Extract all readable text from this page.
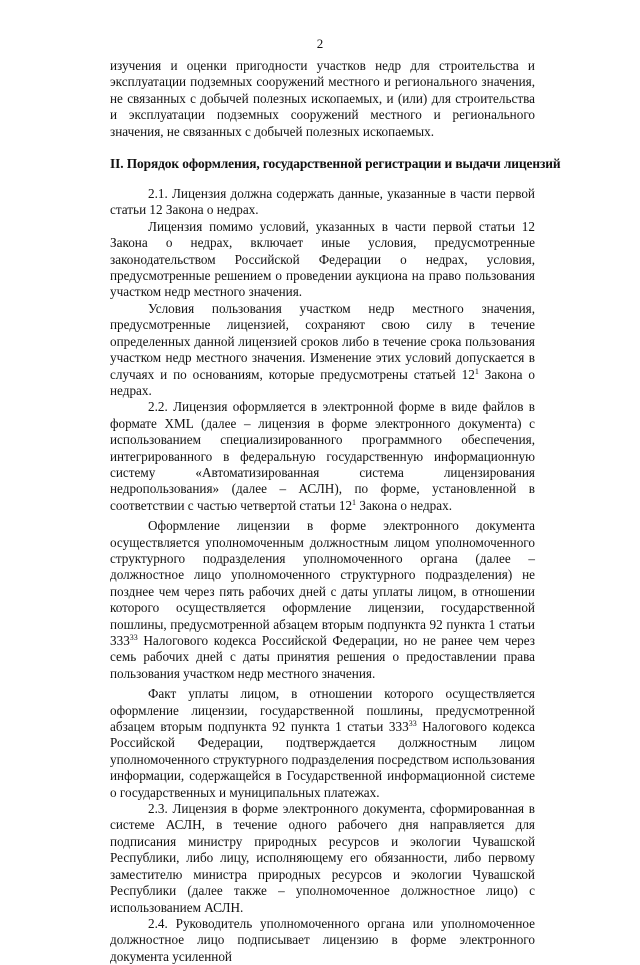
2

изучения и оценки пригодности участков недр для строительства и эксплуатации подземных сооружений местного и регионального значения, не связанных с добычей полезных ископаемых, и (или) для строительства и эксплуатации подземных сооружений местного и регионального значения, не связанных с добычей полезных ископаемых.

II. Порядок оформления, государственной регистрации и выдачи лицензий

2.1. Лицензия должна содержать данные, указанные в части первой статьи 12 Закона о недрах.

Лицензия помимо условий, указанных в части первой статьи 12 Закона о недрах, включает иные условия, предусмотренные законодательством Российской Федерации о недрах, условия, предусмотренные решением о проведении аукциона на право пользования участком недр местного значения.

Условия пользования участком недр местного значения, предусмотренные лицензией, сохраняют свою силу в течение определенных данной лицензией сроков либо в течение срока пользования участком недр местного значения. Изменение этих условий допускается в случаях и по основаниям, которые предусмотрены статьей $12^1$ Закона о недрах.

2.2. Лицензия оформляется в электронной форме в виде файлов в формате XML (далее – лицензия в форме электронного документа) с использованием специализированного программного обеспечения, интегрированного в федеральную государственную информационную систему «Автоматизированная система лицензирования недропользования» (далее – АСЛН), по форме, установленной в соответствии с частью четвертой статьи $12^1$ Закона о недрах.

Оформление лицензии в форме электронного документа осуществляется уполномоченным должностным лицом уполномоченного структурного подразделения уполномоченного органа (далее – должностное лицо уполномоченного структурного подразделения) не позднее чем через пять рабочих дней с даты уплаты лицом, в отношении которого осуществляется оформление лицензии, государственной пошлины, предусмотренной абзацем вторым подпункта 92 пункта 1 статьи $333^{33}$ Налогового кодекса Российской Федерации, но не ранее чем через семь рабочих дней с даты принятия решения о предоставлении права пользования участком недр местного значения.

Факт уплаты лицом, в отношении которого осуществляется оформление лицензии, государственной пошлины, предусмотренной абзацем вторым подпункта 92 пункта 1 статьи $333^{33}$ Налогового кодекса Российской Федерации, подтверждается должностным лицом уполномоченного структурного подразделения посредством использования информации, содержащейся в Государственной информационной системе о государственных и муниципальных платежах.

2.3. Лицензия в форме электронного документа, сформированная в системе АСЛН, в течение одного рабочего дня направляется для подписания министру природных ресурсов и экологии Чувашской Республики, либо лицу, исполняющему его обязанности, либо первому заместителю министра природных ресурсов и экологии Чувашской Республики (далее также – уполномоченное должностное лицо) с использованием АСЛН.

2.4. Руководитель уполномоченного органа или уполномоченное должностное лицо подписывает лицензию в форме электронного документа усиленной
